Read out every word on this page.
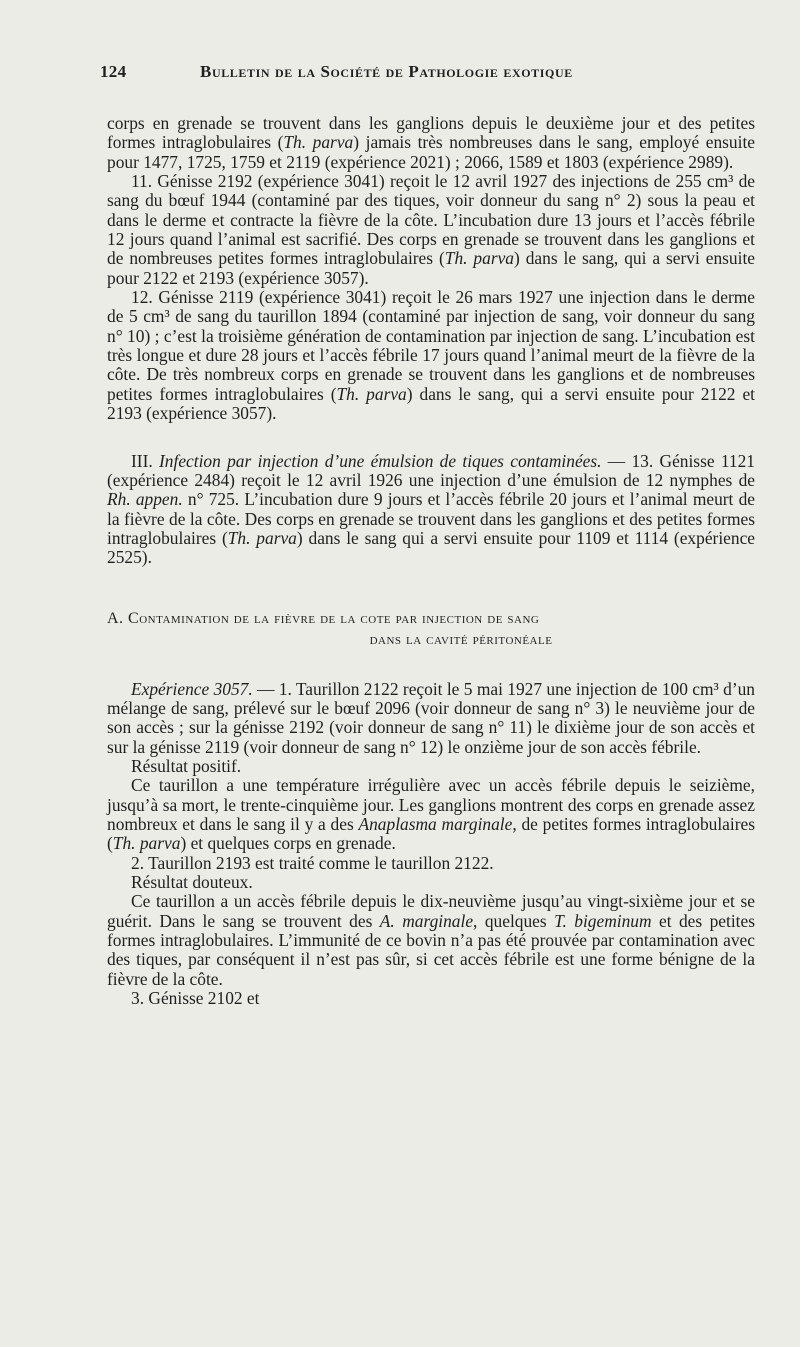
124	Bulletin de la Société de Pathologie exotique

corps en grenade se trouvent dans les ganglions depuis le deuxième jour et des petites formes intraglobulaires (Th. parva) jamais très nombreuses dans le sang, employé ensuite pour 1477, 1725, 1759 et 2119 (expérience 2021) ; 2066, 1589 et 1803 (expérience 2989).

11. Génisse 2192 (expérience 3041) reçoit le 12 avril 1927 des injections de 255 cm³ de sang du bœuf 1944 (contaminé par des tiques, voir donneur du sang n° 2) sous la peau et dans le derme et contracte la fièvre de la côte. L’incubation dure 13 jours et l’accès fébrile 12 jours quand l’animal est sacrifié. Des corps en grenade se trouvent dans les ganglions et de nombreuses petites formes intraglobulaires (Th. parva) dans le sang, qui a servi ensuite pour 2122 et 2193 (expérience 3057).

12. Génisse 2119 (expérience 3041) reçoit le 26 mars 1927 une injection dans le derme de 5 cm³ de sang du taurillon 1894 (contaminé par injection de sang, voir donneur du sang n° 10) ; c’est la troisième génération de contamination par injection de sang. L’incubation est très longue et dure 28 jours et l’accès fébrile 17 jours quand l’animal meurt de la fièvre de la côte. De très nombreux corps en grenade se trouvent dans les ganglions et de nombreuses petites formes intraglobulaires (Th. parva) dans le sang, qui a servi ensuite pour 2122 et 2193 (expérience 3057).

III. Infection par injection d’une émulsion de tiques contaminées. — 13. Génisse 1121 (expérience 2484) reçoit le 12 avril 1926 une injection d’une émulsion de 12 nymphes de Rh. appen. n° 725. L’incubation dure 9 jours et l’accès fébrile 20 jours et l’animal meurt de la fièvre de la côte. Des corps en grenade se trouvent dans les ganglions et des petites formes intraglobulaires (Th. parva) dans le sang qui a servi ensuite pour 1109 et 1114 (expérience 2525).

A. Contamination de la fièvre de la cote par injection de sang
dans la cavité péritonéale

Expérience 3057. — 1. Taurillon 2122 reçoit le 5 mai 1927 une injection de 100 cm³ d’un mélange de sang, prélevé sur le bœuf 2096 (voir donneur de sang n° 3) le neuvième jour de son accès ; sur la génisse 2192 (voir donneur de sang n° 11) le dixième jour de son accès et sur la génisse 2119 (voir donneur de sang n° 12) le onzième jour de son accès fébrile.

Résultat positif.

Ce taurillon a une température irrégulière avec un accès fébrile depuis le seizième, jusqu’à sa mort, le trente-cinquième jour. Les ganglions montrent des corps en grenade assez nombreux et dans le sang il y a des Anaplasma marginale, de petites formes intraglobulaires (Th. parva) et quelques corps en grenade.

2. Taurillon 2193 est traité comme le taurillon 2122.

Résultat douteux.

Ce taurillon a un accès fébrile depuis le dix-neuvième jusqu’au vingt-sixième jour et se guérit. Dans le sang se trouvent des A. marginale, quelques T. bigeminum et des petites formes intraglobulaires. L’immunité de ce bovin n’a pas été prouvée par contamination avec des tiques, par conséquent il n’est pas sûr, si cet accès fébrile est une forme bénigne de la fièvre de la côte.

3. Génisse 2102 et
